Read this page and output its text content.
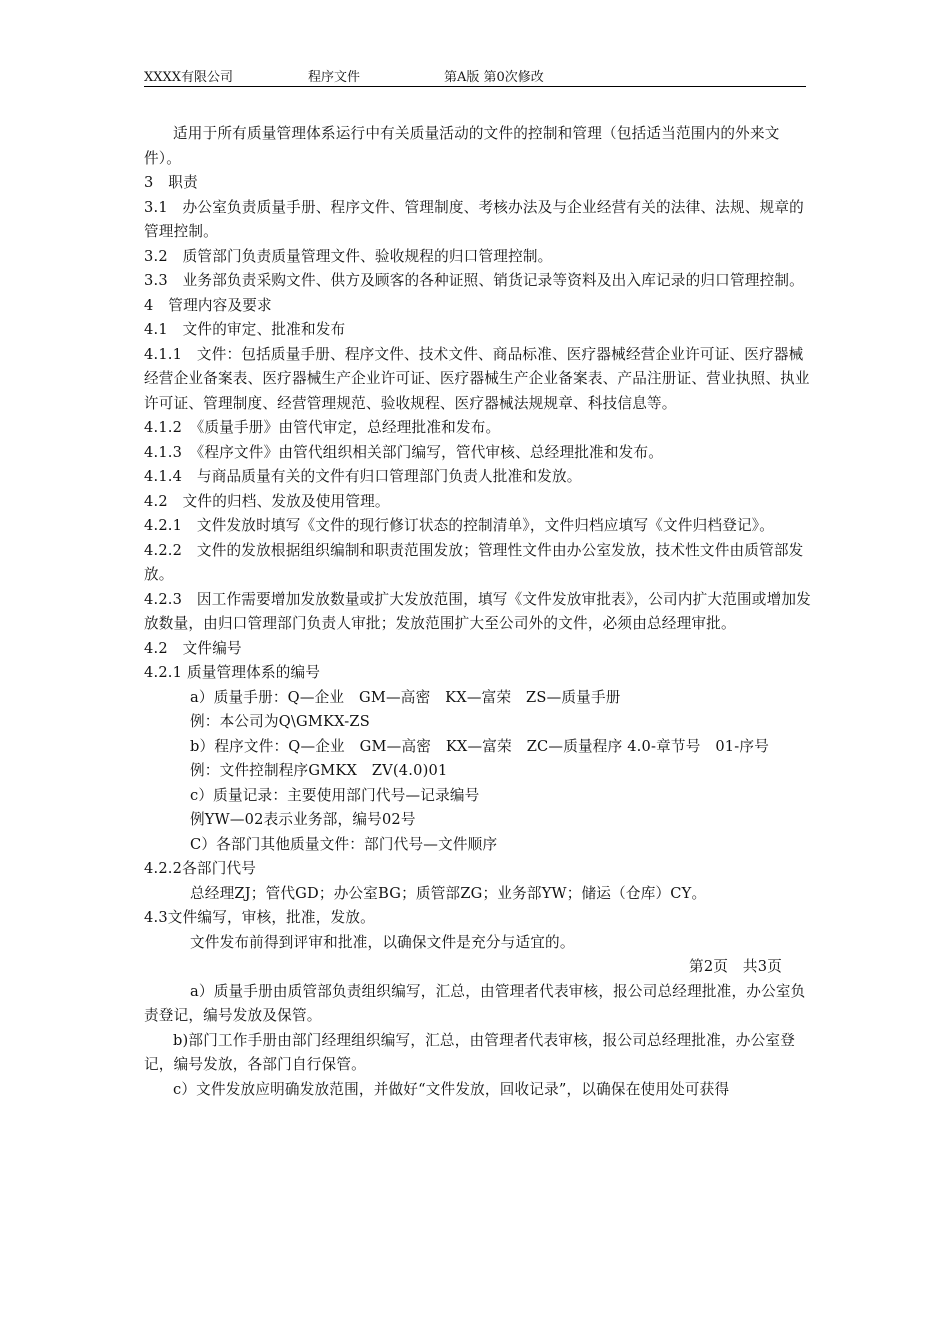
XXXX有限公司	程序文件	第A版 第0次修改

适用于所有质量管理体系运行中有关质量活动的文件的控制和管理（包括适当范围内的外来文件）。

3　职责

3.1　办公室负责质量手册、程序文件、管理制度、考核办法及与企业经营有关的法律、法规、规章的管理控制。

3.2　质管部门负责质量管理文件、验收规程的归口管理控制。

3.3　业务部负责采购文件、供方及顾客的各种证照、销货记录等资料及出入库记录的归口管理控制。

4　管理内容及要求

4.1　文件的审定、批准和发布

4.1.1　文件：包括质量手册、程序文件、技术文件、商品标准、医疗器械经营企业许可证、医疗器械经营企业备案表、医疗器械生产企业许可证、医疗器械生产企业备案表、产品注册证、营业执照、执业许可证、管理制度、经营管理规范、验收规程、医疗器械法规规章、科技信息等。

4.1.2　《质量手册》由管代审定，总经理批准和发布。

4.1.3　《程序文件》由管代组织相关部门编写，管代审核、总经理批准和发布。

4.1.4　与商品质量有关的文件有归口管理部门负责人批准和发放。

4.2　文件的归档、发放及使用管理。

4.2.1　文件发放时填写《文件的现行修订状态的控制清单》，文件归档应填写《文件归档登记》。

4.2.2　文件的发放根据组织编制和职责范围发放；管理性文件由办公室发放，技术性文件由质管部发放。

4.2.3　因工作需要增加发放数量或扩大发放范围，填写《文件发放审批表》，公司内扩大范围或增加发放数量，由归口管理部门负责人审批；发放范围扩大至公司外的文件，必须由总经理审批。

4.2　文件编号

4.2.1 质量管理体系的编号

a）质量手册：Q—企业　GM—高密　KX—富荣　ZS—质量手册

例：本公司为Q\GMKX-ZS

b）程序文件：Q—企业　GM—高密　KX—富荣　ZC—质量程序 4.0-章节号　01-序号

例：文件控制程序GMKX　ZV(4.0)01

c）质量记录：主要使用部门代号—记录编号

例YW—02表示业务部，编号02号

C）各部门其他质量文件：部门代号—文件顺序

4.2.2各部门代号

总经理ZJ；管代GD；办公室BG；质管部ZG；业务部YW；储运（仓库）CY。

4.3文件编写，审核，批准，发放。

文件发布前得到评审和批准，以确保文件是充分与适宜的。

第2页　共3页

a）质量手册由质管部负责组织编写，汇总，由管理者代表审核，报公司总经理批准，办公室负责登记，编号发放及保管。

b)部门工作手册由部门经理组织编写，汇总，由管理者代表审核，报公司总经理批准，办公室登记，编号发放，各部门自行保管。

c）文件发放应明确发放范围，并做好“文件发放，回收记录”，以确保在使用处可获得
